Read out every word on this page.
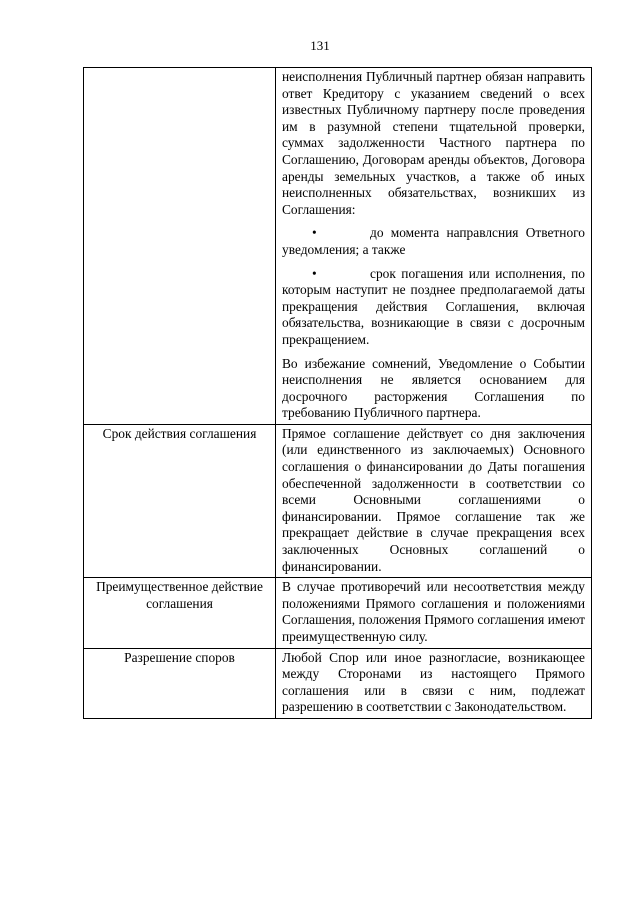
131

	неисполнения Публичный партнер обязан направить ответ Кредитору с указанием сведений о всех известных Публичному партнеру после проведения им в разумной степени тщательной проверки, суммах задолженности Частного партнера по Соглашению, Договорам аренды объектов, Договора аренды земельных участков, а также об иных неисполненных обязательствах, возникших из Соглашения:

• до момента направлсния Ответного уведомления; а также
• срок погашения или исполнения, по которым наступит не позднее предполагаемой даты прекращения действия Соглашения, включая обязательства, возникающие в связи с досрочным прекращением.

Во избежание сомнений, Уведомление о Событии неисполнения не является основанием для досрочного расторжения Соглашения по требованию Публичного партнера.

Срок действия соглашения	Прямое соглашение действует со дня заключения (или единственного из заключаемых) Основного соглашения о финансировании до Даты погашения обеспеченной задолженности в соответствии со всеми Основными соглашениями о финансировании. Прямое соглашение так же прекращает действие в случае прекращения всех заключенных Основных соглашений о финансировании.

Преимущественное действие соглашения	В случае противоречий или несоответствия между положениями Прямого соглашения и положениями Соглашения, положения Прямого соглашения имеют преимущественную силу.

Разрешение споров	Любой Спор или иное разногласие, возникающее между Сторонами из настоящего Прямого соглашения или в связи с ним, подлежат разрешению в соответствии с Законодательством.
